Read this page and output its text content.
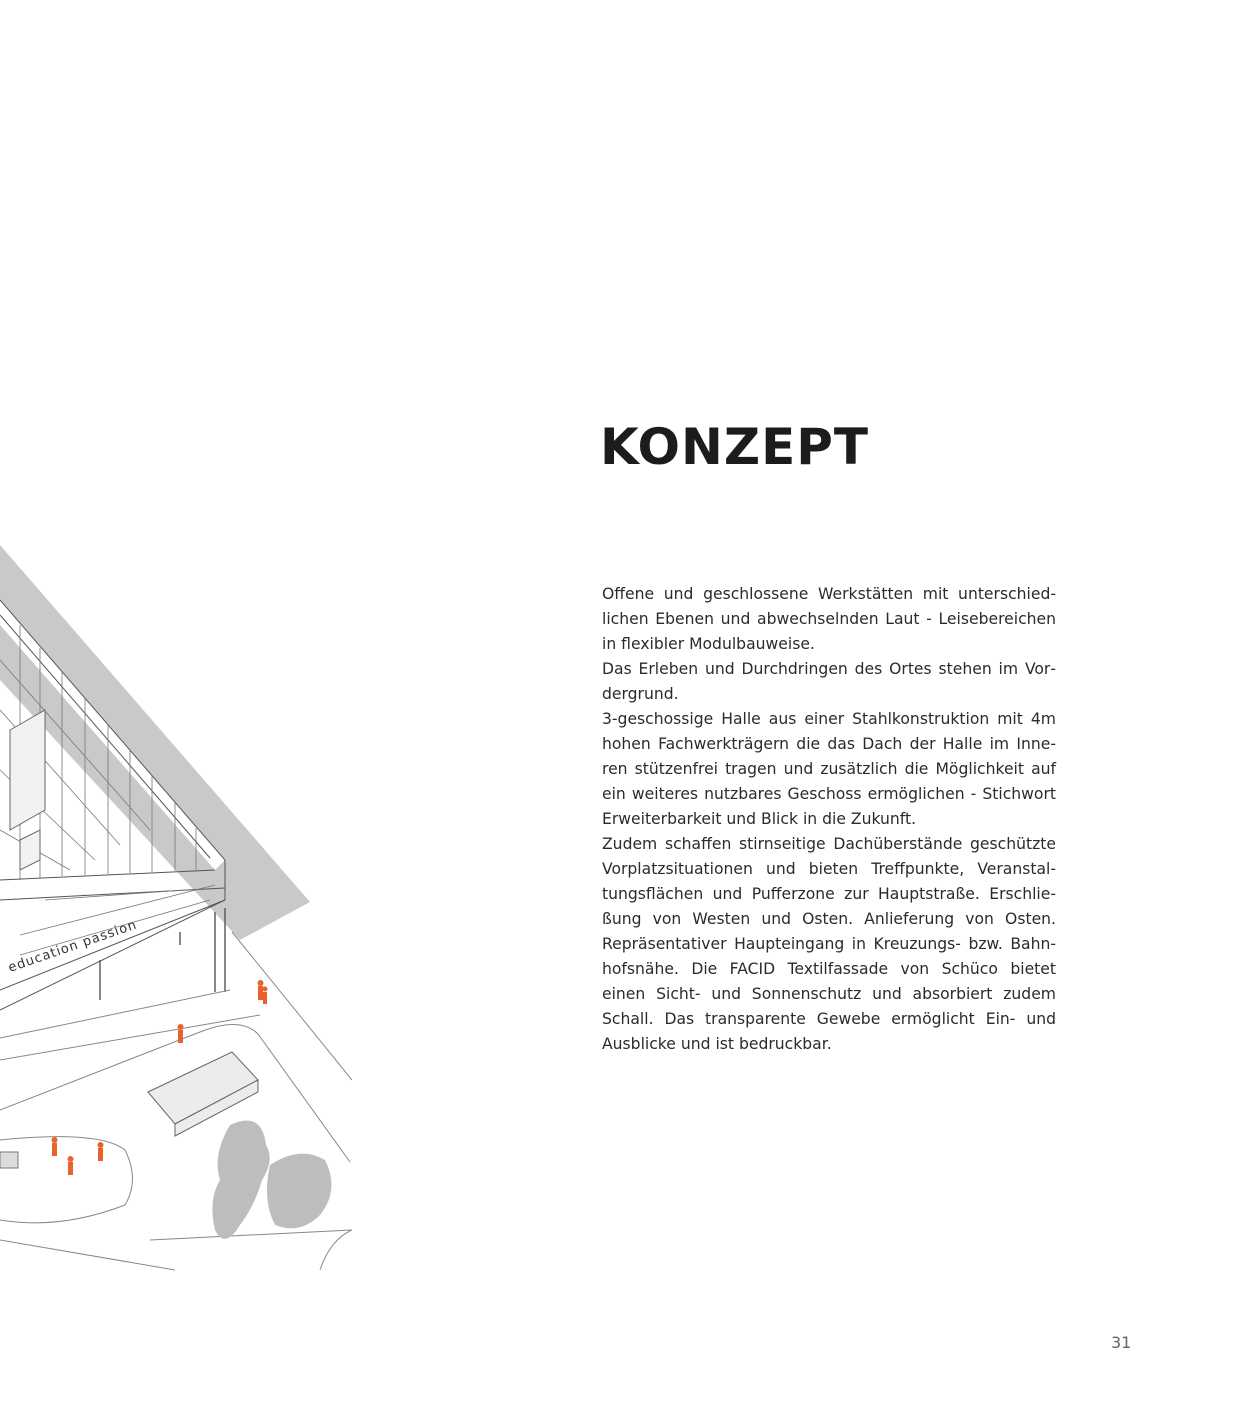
education passion
KONZEPT

Offene und geschlossene Werkstätten mit unterschiedlichen Ebenen und abwechselnden Laut - Leisebereichen in flexibler Modulbauweise.

Das Erleben und Durchdringen des Ortes stehen im Vordergrund.

3-geschossige Halle aus einer Stahlkonstruktion mit 4m hohen Fachwerkträgern die das Dach der Halle im Inneren stützenfrei tragen und zusätzlich die Möglichkeit auf ein weiteres nutzbares Geschoss ermöglichen - Stichwort Erweiterbarkeit und Blick in die Zukunft.

Zudem schaffen stirnseitige Dachüberstände geschützte Vorplatzsituationen und bieten Treffpunkte, Veranstaltungsflächen und Pufferzone zur Hauptstraße. Erschließung von Westen und Osten. Anlieferung von Osten. Repräsentativer Haupteingang in Kreuzungs- bzw. Bahnhofsnähe. Die FACID Textilfassade von Schüco bietet einen Sicht- und Sonnenschutz und absorbiert zudem Schall. Das transparente Gewebe ermöglicht Ein- und Ausblicke und ist bedruckbar.

31
